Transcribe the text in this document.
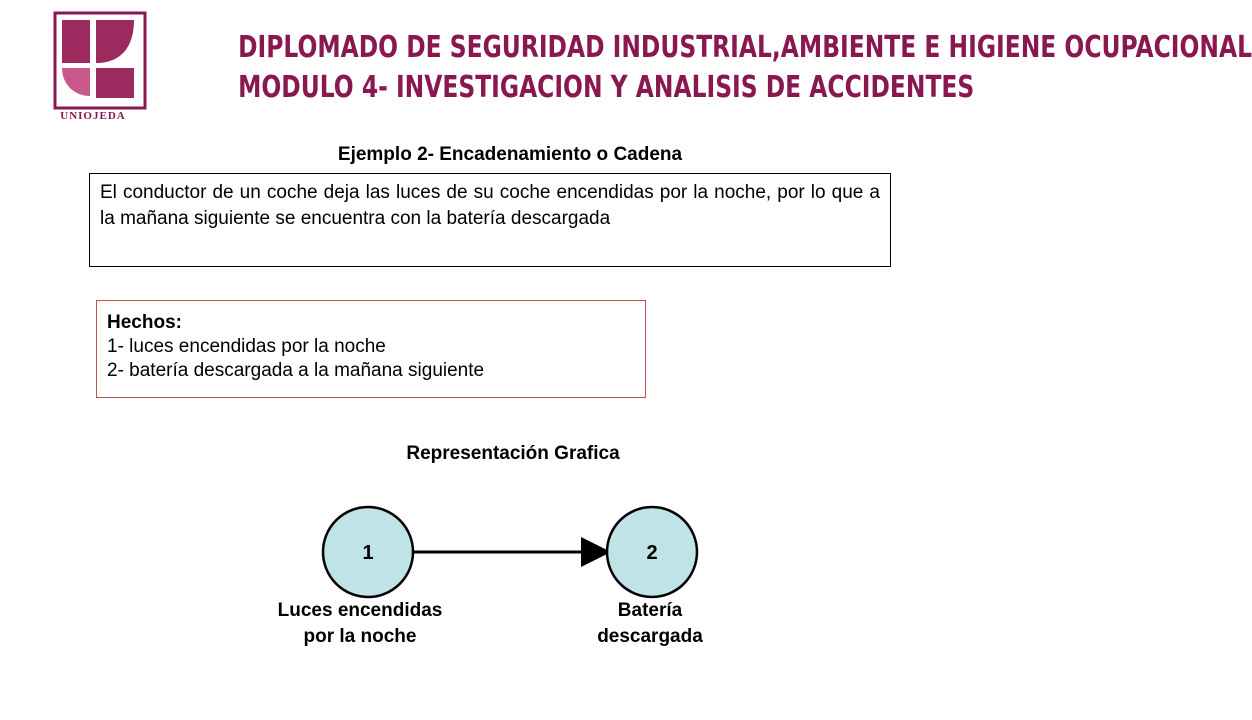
UNIOJEDA
DIPLOMADO DE SEGURIDAD INDUSTRIAL,AMBIENTE E HIGIENE OCUPACIONAL
MODULO 4- INVESTIGACION Y ANALISIS DE ACCIDENTES
Ejemplo 2- Encadenamiento o Cadena
El conductor de un coche deja las luces de su coche encendidas por la noche, por lo que a la mañana siguiente se encuentra con la batería descargada
Hechos:
1- luces encendidas por la noche
2- batería descargada a la mañana siguiente
Representación Grafica
1	2
Luces encendidas
por la noche
Batería
descargada
